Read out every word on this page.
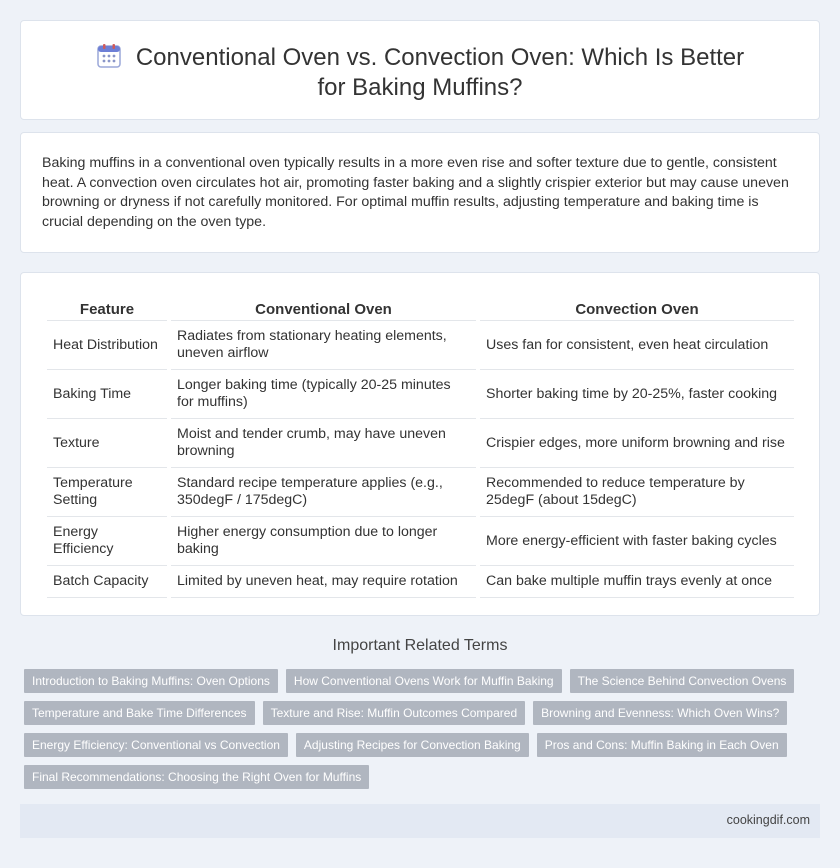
Conventional Oven vs. Convection Oven: Which Is Better for Baking Muffins?

Baking muffins in a conventional oven typically results in a more even rise and softer texture due to gentle, consistent heat. A convection oven circulates hot air, promoting faster baking and a slightly crispier exterior but may cause uneven browning or dryness if not carefully monitored. For optimal muffin results, adjusting temperature and baking time is crucial depending on the oven type.

Feature	Conventional Oven	Convection Oven
Heat Distribution	Radiates from stationary heating elements, uneven airflow	Uses fan for consistent, even heat circulation
Baking Time	Longer baking time (typically 20-25 minutes for muffins)	Shorter baking time by 20-25%, faster cooking
Texture	Moist and tender crumb, may have uneven browning	Crispier edges, more uniform browning and rise
Temperature Setting	Standard recipe temperature applies (e.g., 350degF / 175degC)	Recommended to reduce temperature by 25degF (about 15degC)
Energy Efficiency	Higher energy consumption due to longer baking	More energy-efficient with faster baking cycles
Batch Capacity	Limited by uneven heat, may require rotation	Can bake multiple muffin trays evenly at once
Important Related Terms
Introduction to Baking Muffins: Oven Options	How Conventional Ovens Work for Muffin Baking	The Science Behind Convection Ovens
Temperature and Bake Time Differences	Texture and Rise: Muffin Outcomes Compared	Browning and Evenness: Which Oven Wins?
Energy Efficiency: Conventional vs Convection	Adjusting Recipes for Convection Baking	Pros and Cons: Muffin Baking in Each Oven
Final Recommendations: Choosing the Right Oven for Muffins
cookingdif.com
